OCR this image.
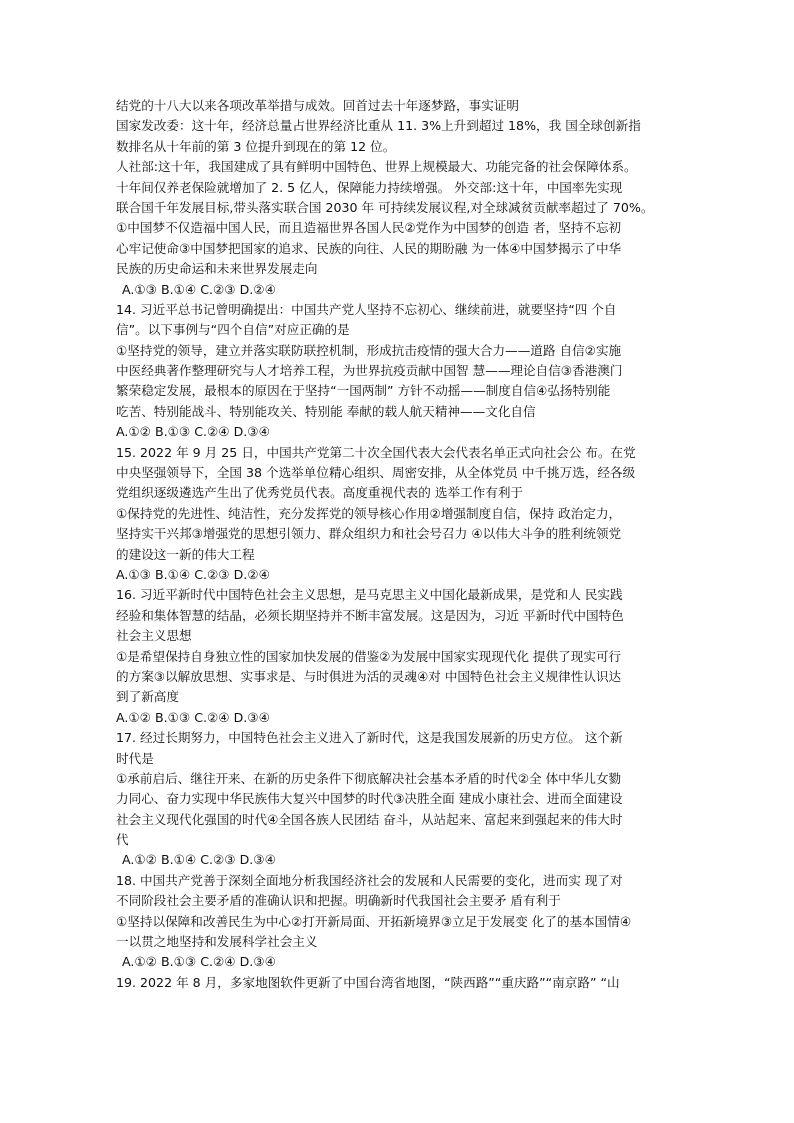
结党的十八大以来各项改革举措与成效。回首过去十年逐梦路，事实证明
国家发改委：这十年，经济总量占世界经济比重从 11. 3%上升到超过 18%，我 国全球创新指
数排名从十年前的第 3 位提升到现在的第 12 位。
人社部:这十年，我国建成了具有鲜明中国特色、世界上规模最大、功能完备的社会保障体系。
十年间仅养老保险就增加了 2. 5 亿人，保障能力持续增强。 外交部:这十年，中国率先实现
联合国千年发展目标,带头落实联合国 2030 年 可持续发展议程,对全球减贫贡献率超过了 70%。
①中国梦不仅造福中国人民，而且造福世界各国人民②党作为中国梦的创造 者，坚持不忘初
心牢记使命③中国梦把国家的追求、民族的向往、人民的期盼融 为一体④中国梦揭示了中华
民族的历史命运和未来世界发展走向
A.①③ B.①④ C.②③ D.②④
14. 习近平总书记曾明确提出：中国共产党人坚持不忘初心、继续前进，就要坚持“四 个自
信”。以下事例与“四个自信”对应正确的是
①坚持党的领导，建立并落实联防联控机制，形成抗击疫情的强大合力——道路 自信②实施
中医经典著作整理研究与人才培养工程，为世界抗疫贡献中国智 慧——理论自信③香港澳门
繁荣稳定发展，最根本的原因在于坚持“一国两制” 方针不动摇——制度自信④弘扬特别能
吃苦、特别能战斗、特别能攻关、特别能 奉献的载人航天精神——文化自信
A.①② B.①③ C.②④ D.③④
15. 2022 年 9 月 25 日，中国共产党第二十次全国代表大会代表名单正式向社会公 布。在党
中央坚强领导下，全国 38 个选举单位精心组织、周密安排，从全体党员 中千挑万选，经各级
党组织逐级遴选产生出了优秀党员代表。高度重视代表的 选举工作有利于
①保持党的先进性、纯洁性，充分发挥党的领导核心作用②增强制度自信，保持 政治定力，
坚持实干兴邦③增强党的思想引领力、群众组织力和社会号召力 ④以伟大斗争的胜利统领党
的建设这一新的伟大工程
A.①③ B.①④ C.②③ D.②④
16. 习近平新时代中国特色社会主义思想，是马克思主义中国化最新成果，是党和人 民实践
经验和集体智慧的结晶，必须长期坚持并不断丰富发展。这是因为，习近 平新时代中国特色
社会主义思想
①是希望保持自身独立性的国家加快发展的借鉴②为发展中国家实现现代化 提供了现实可行
的方案③以解放思想、实事求是、与时俱进为活的灵魂④对 中国特色社会主义规律性认识达
到了新高度
A.①② B.①③ C.②④ D.③④
17. 经过长期努力，中国特色社会主义进入了新时代，这是我国发展新的历史方位。 这个新
时代是
①承前启后、继往开来、在新的历史条件下彻底解决社会基本矛盾的时代②全 体中华儿女勠
力同心、奋力实现中华民族伟大复兴中国梦的时代③决胜全面 建成小康社会、进而全面建设
社会主义现代化强国的时代④全国各族人民团结 奋斗，从站起来、富起来到强起来的伟大时
代
A.①② B.①④ C.②③ D.③④
18. 中国共产党善于深刻全面地分析我国经济社会的发展和人民需要的变化，进而实 现了对
不同阶段社会主要矛盾的准确认识和把握。明确新时代我国社会主要矛 盾有利于
①坚持以保障和改善民生为中心②打开新局面、开拓新境界③立足于发展变 化了的基本国情④
一以贯之地坚持和发展科学社会主义
A.①② B.①③ C.②④ D.③④
19. 2022 年 8 月，多家地图软件更新了中国台湾省地图，“陕西路”“重庆路”“南京路” “山
